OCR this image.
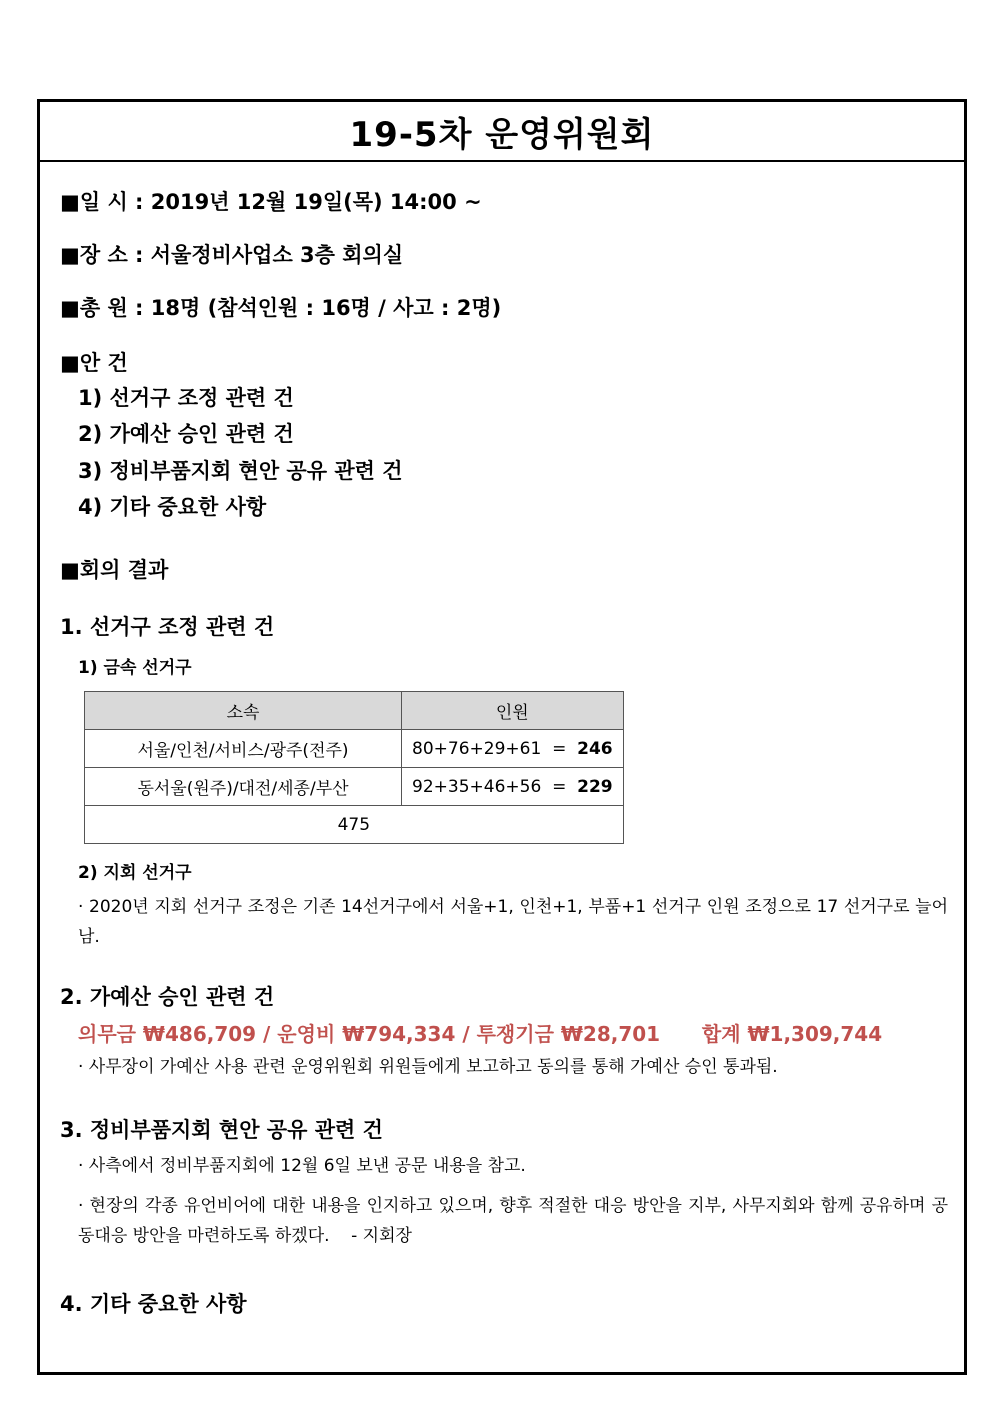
19-5차 운영위원회
■일 시 : 2019년 12월 19일(목) 14:00 ~
■장 소 : 서울정비사업소 3층 회의실
■총 원 : 18명 (참석인원 : 16명 / 사고 : 2명)
■안 건
1) 선거구 조정 관련 건
2) 가예산 승인 관련 건
3) 정비부품지회 현안 공유 관련 건
4) 기타 중요한 사항
■회의 결과
1. 선거구 조정 관련 건
1) 금속 선거구
소속	인원
서울/인천/서비스/광주(전주)	80+76+29+61  =  246
동서울(원주)/대전/세종/부산	92+35+46+56  =  229
475	
2) 지회 선거구
· 2020년 지회 선거구 조정은 기존 14선거구에서 서울+1, 인천+1, 부품+1 선거구 인원 조정으로 17 선거구로 늘어남.
2. 가예산 승인 관련 건
의무금 ₩486,709 / 운영비 ₩794,334 / 투쟁기금 ₩28,701      합계 ₩1,309,744
· 사무장이 가예산 사용 관련 운영위원회 위원들에게 보고하고 동의를 통해 가예산 승인 통과됨.
3. 정비부품지회 현안 공유 관련 건
· 사측에서 정비부품지회에 12월 6일 보낸 공문 내용을 참고.
· 현장의 각종 유언비어에 대한 내용을 인지하고 있으며, 향후 적절한 대응 방안을 지부, 사무지회와 함께 공유하며 공동대응 방안을 마련하도록 하겠다.    - 지회장
4. 기타 중요한 사항
